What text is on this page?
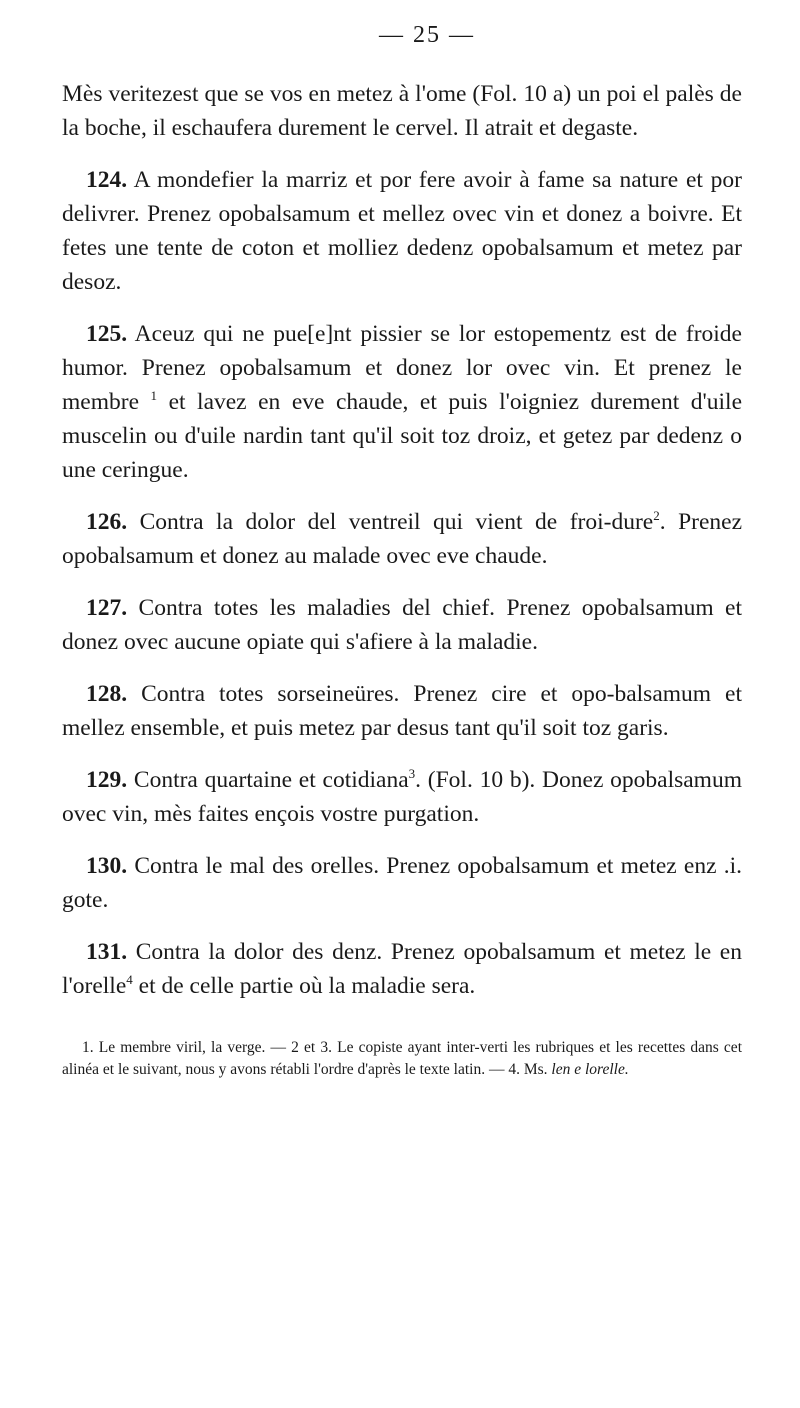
— 25 —

Mès veritezest que se vos en metez à l'ome (Fol. 10 a) un poi el palès de la boche, il eschaufera durement le cervel. Il atrait et degaste.

124. A mondefier la marriz et por fere avoir à fame sa nature et por delivrer. Prenez opobalsamum et mellez ovec vin et donez a boivre. Et fetes une tente de coton et molliez dedenz opobalsamum et metez par desoz.

125. Aceuz qui ne pue[e]nt pissier se lor estopementz est de froide humor. Prenez opobalsamum et donez lor ovec vin. Et prenez le membre $^1$ et lavez en eve chaude, et puis l'oigniez durement d'uile muscelin ou d'uile nardin tant qu'il soit toz droiz, et getez par dedenz o une ceringue.

126. Contra la dolor del ventreil qui vient de froi-dure$^2$. Prenez opobalsamum et donez au malade ovec eve chaude.

127. Contra totes les maladies del chief. Prenez opobalsamum et donez ovec aucune opiate qui s'afiere à la maladie.

128. Contra totes sorseineüres. Prenez cire et opo-balsamum et mellez ensemble, et puis metez par desus tant qu'il soit toz garis.

129. Contra quartaine et cotidiana$^3$. (Fol. 10 b). Donez opobalsamum ovec vin, mès faites ençois vostre purgation.

130. Contra le mal des orelles. Prenez opobalsamum et metez enz .i. gote.

131. Contra la dolor des denz. Prenez opobalsamum et metez le en l'orelle$^4$ et de celle partie où la maladie sera.

1. Le membre viril, la verge. — 2 et 3. Le copiste ayant inter-verti les rubriques et les recettes dans cet alinéa et le suivant, nous y avons rétabli l'ordre d'après le texte latin. — 4. Ms. len e lorelle.
